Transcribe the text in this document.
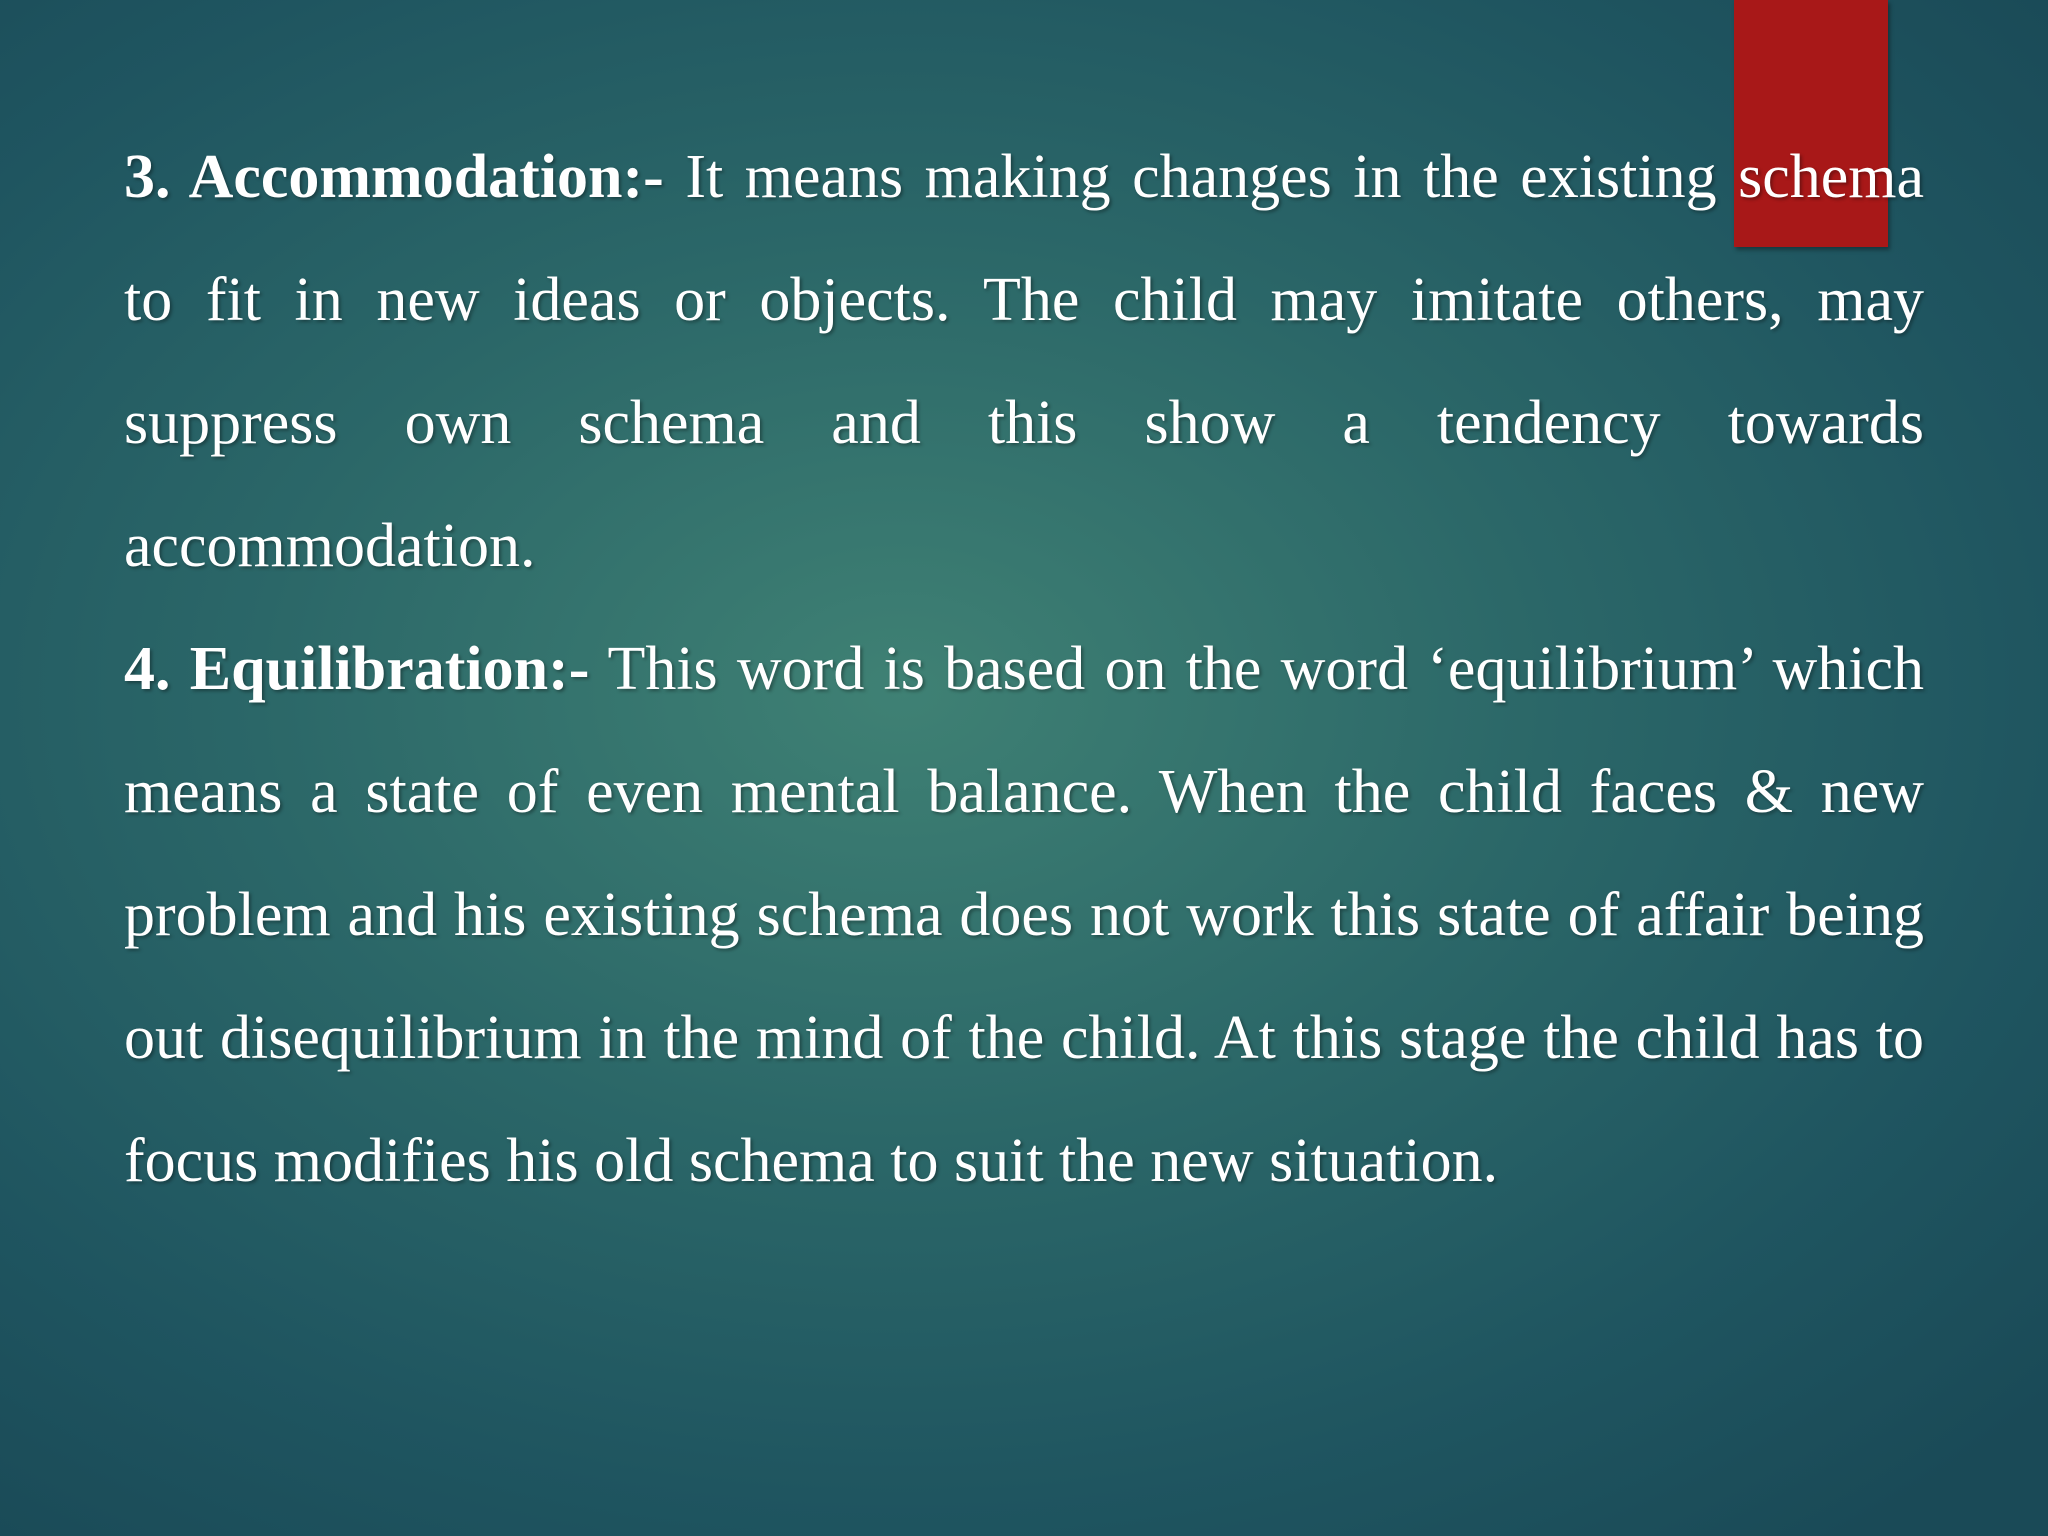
3. Accommodation:- It means making changes in the existing schema to fit in new ideas or objects. The child may imitate others, may suppress own schema and this show a tendency towards accommodation.

4. Equilibration:- This word is based on the word ‘equilibrium’ which means a state of even mental balance. When the child faces & new problem and his existing schema does not work this state of affair being out disequilibrium in the mind of the child. At this stage the child has to focus modifies his old schema to suit the new situation.
